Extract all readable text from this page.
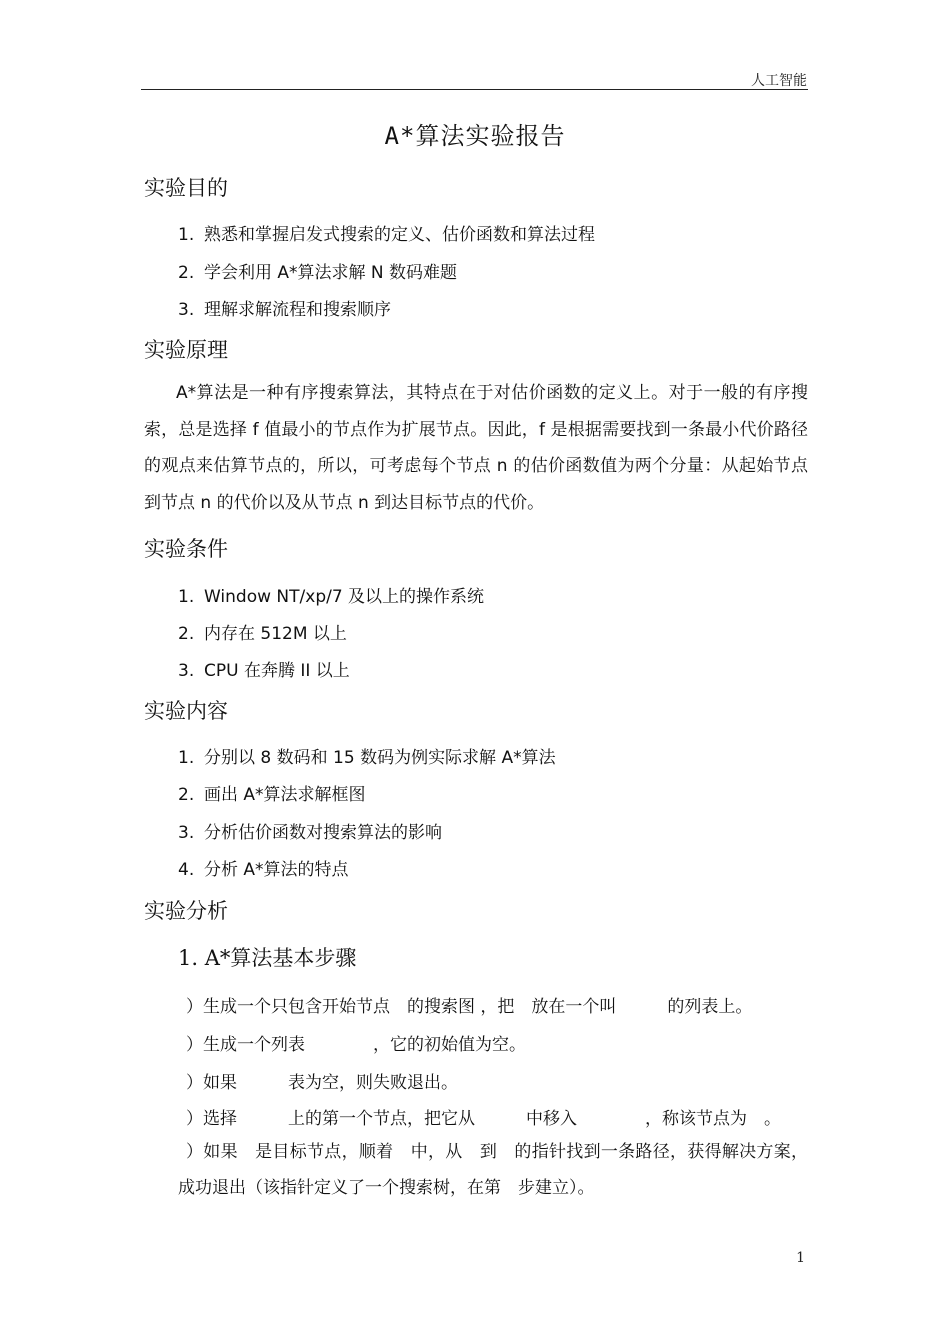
人工智能
A*算法实验报告
实验目的
1. 熟悉和掌握启发式搜索的定义、估价函数和算法过程
2. 学会利用 A*算法求解 N 数码难题
3. 理解求解流程和搜索顺序
实验原理
A*算法是一种有序搜索算法，其特点在于对估价函数的定义上。对于一般的有序搜索，总是选择 f 值最小的节点作为扩展节点。因此，f 是根据需要找到一条最小代价路径的观点来估算节点的，所以，可考虑每个节点 n 的估价函数值为两个分量：从起始节点到节点 n 的代价以及从节点 n 到达目标节点的代价。
实验条件
1. Window NT/xp/7 及以上的操作系统
2. 内存在 512M 以上
3. CPU 在奔腾 II 以上
实验内容
1. 分别以 8 数码和 15 数码为例实际求解 A*算法
2. 画出 A*算法求解框图
3. 分析估价函数对搜索算法的影响
4. 分析 A*算法的特点
实验分析
1. A*算法基本步骤
）生成一个只包含开始节点　的搜索图 ，把　放在一个叫　　　的列表上。
）生成一个列表　　　　，它的初始值为空。
）如果　　　表为空，则失败退出。
）选择　　　上的第一个节点，把它从　　　中移入　　　　，称该节点为　。
）如果　是目标节点，顺着　中，从　到　的指针找到一条路径，获得解决方案，成功退出（该指针定义了一个搜索树，在第　步建立）。
1
